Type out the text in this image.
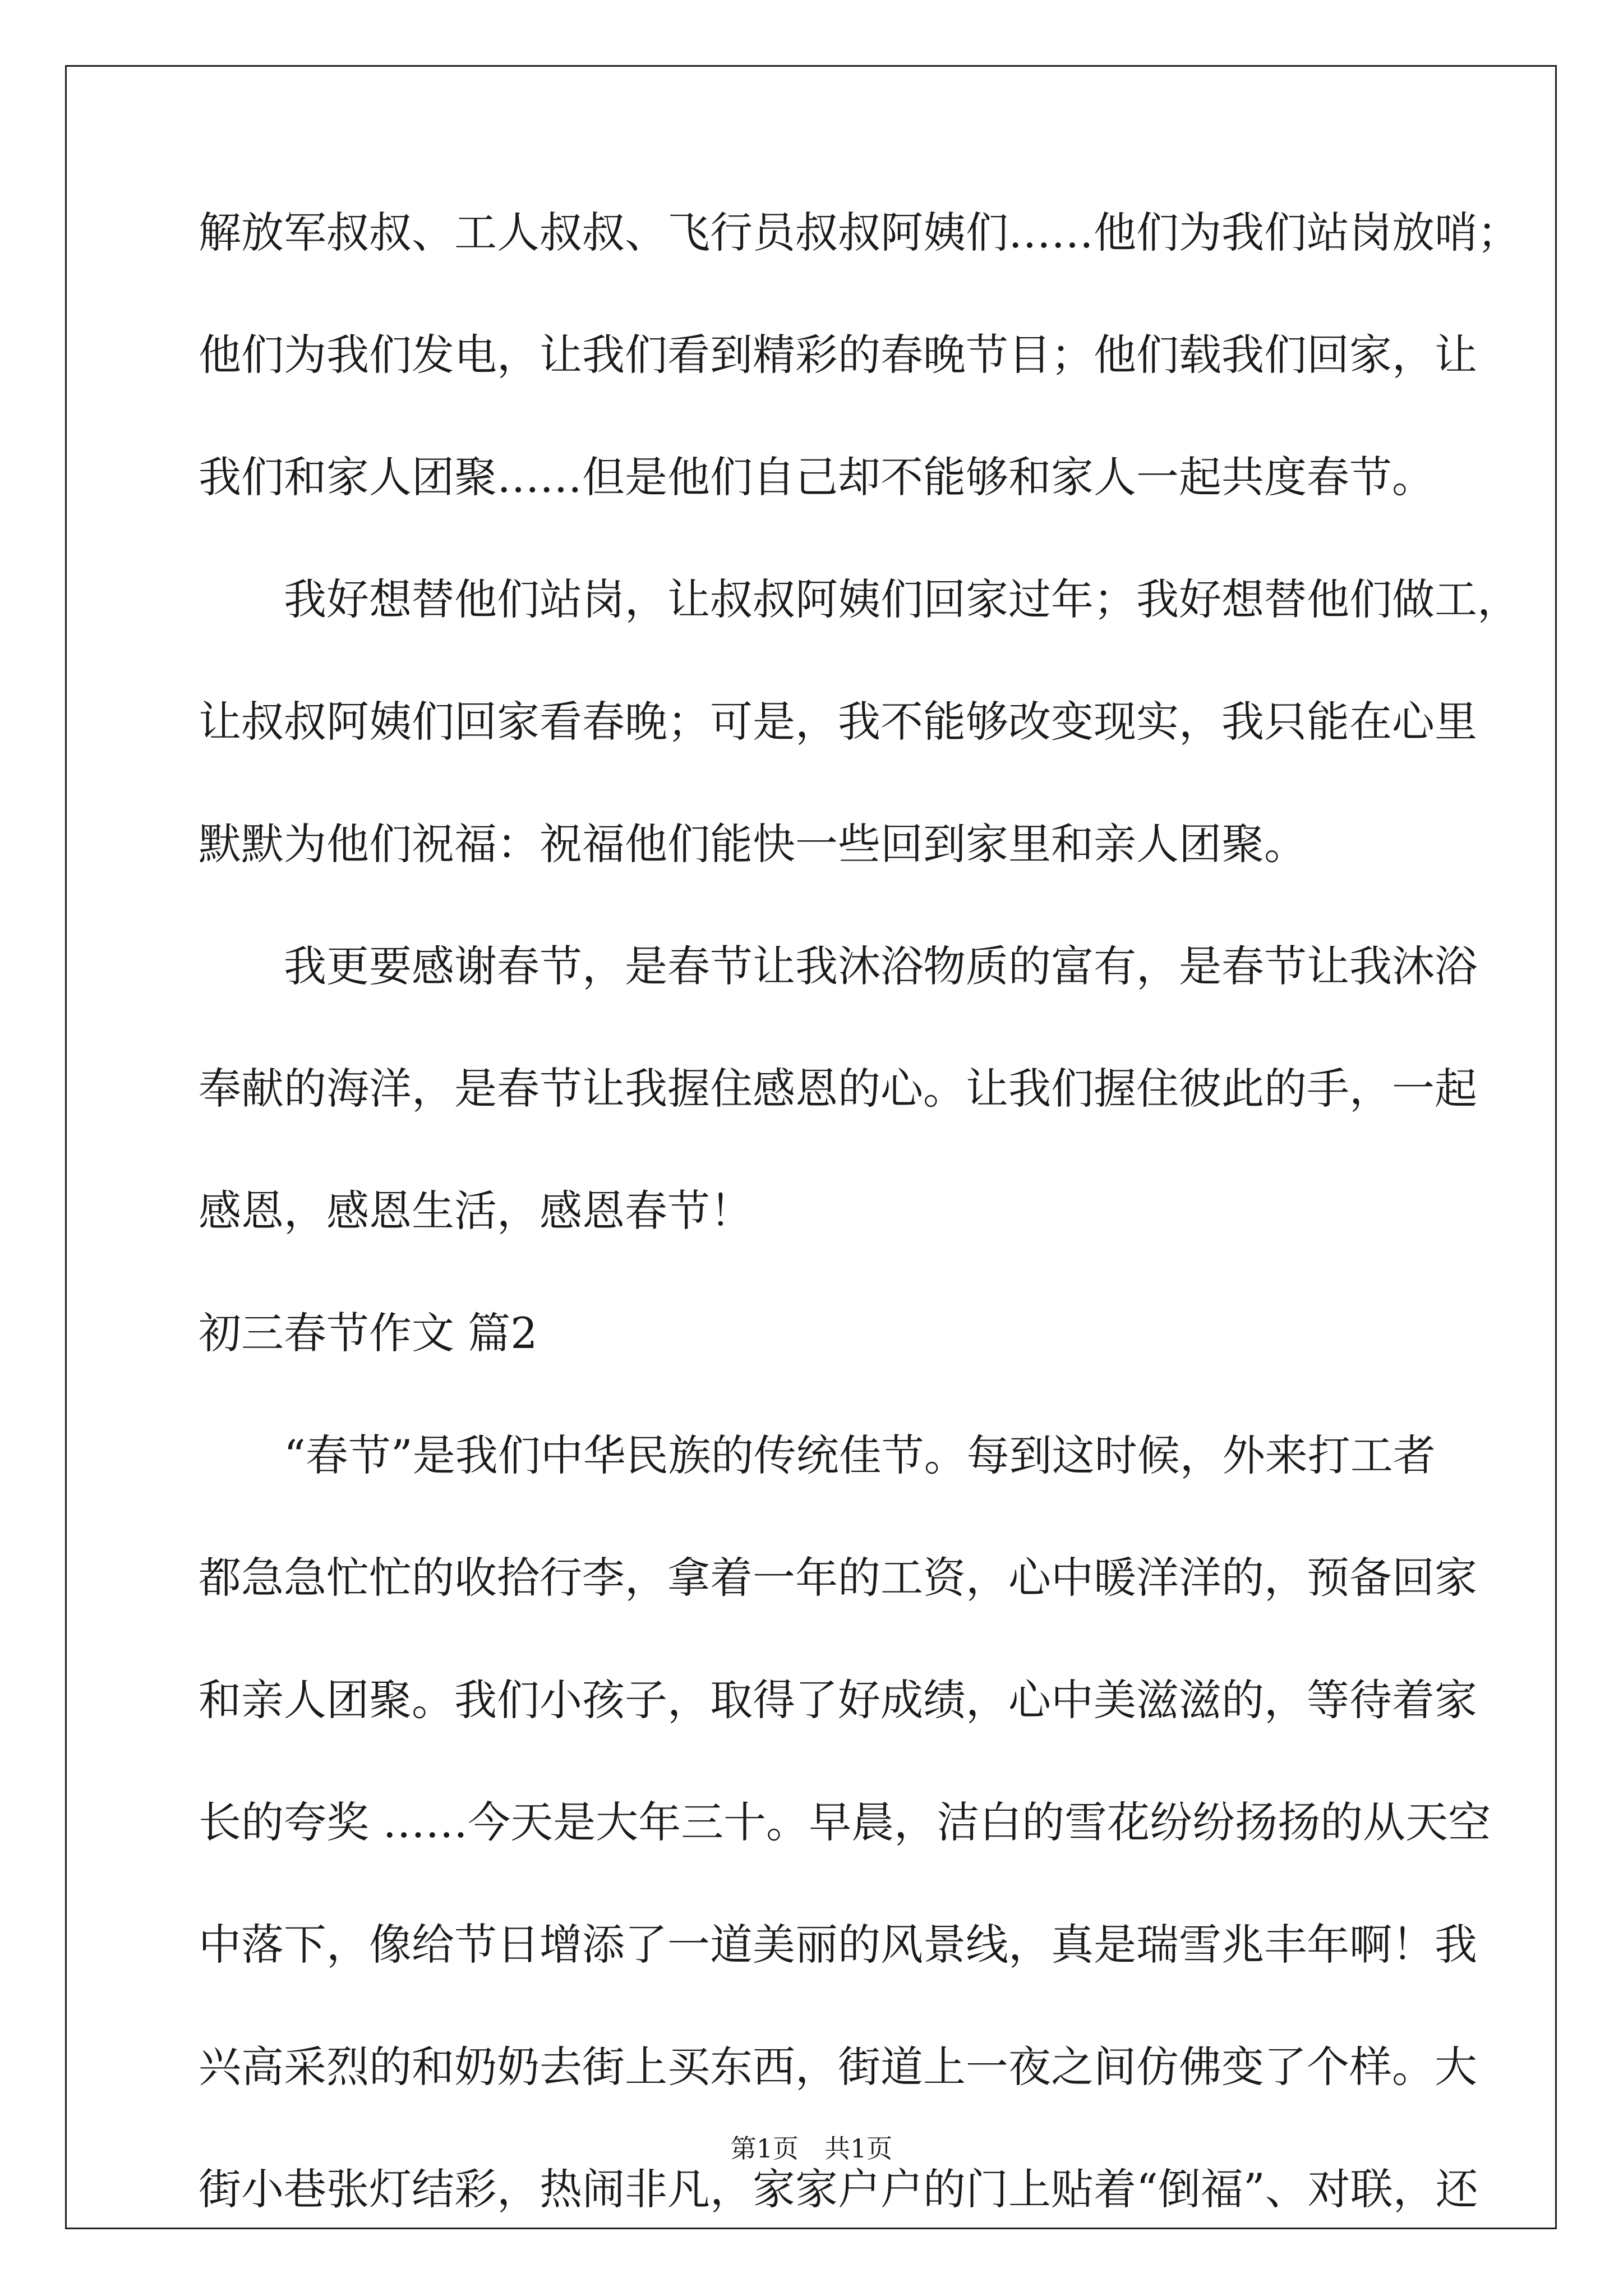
解放军叔叔、工人叔叔、飞行员叔叔阿姨们……他们为我们站岗放哨；
他们为我们发电，让我们看到精彩的春晚节目；他们载我们回家，让
我们和家人团聚……但是他们自己却不能够和家人一起共度春节。
　　我好想替他们站岗，让叔叔阿姨们回家过年；我好想替他们做工，
让叔叔阿姨们回家看春晚；可是，我不能够改变现实，我只能在心里
默默为他们祝福：祝福他们能快一些回到家里和亲人团聚。
　　我更要感谢春节，是春节让我沐浴物质的富有，是春节让我沐浴
奉献的海洋，是春节让我握住感恩的心。让我们握住彼此的手，一起
感恩，感恩生活，感恩春节！
初三春节作文 篇2
　　“春节”是我们中华民族的传统佳节。每到这时候，外来打工者
都急急忙忙的收拾行李，拿着一年的工资，心中暖洋洋的，预备回家
和亲人团聚。我们小孩子，取得了好成绩，心中美滋滋的，等待着家
长的夸奖 ……今天是大年三十。早晨，洁白的雪花纷纷扬扬的从天空
中落下，像给节日增添了一道美丽的风景线，真是瑞雪兆丰年啊！我
兴高采烈的和奶奶去街上买东西，街道上一夜之间仿佛变了个样。大
街小巷张灯结彩，热闹非凡，家家户户的门上贴着“倒福”、对联，还
第1页　共1页
